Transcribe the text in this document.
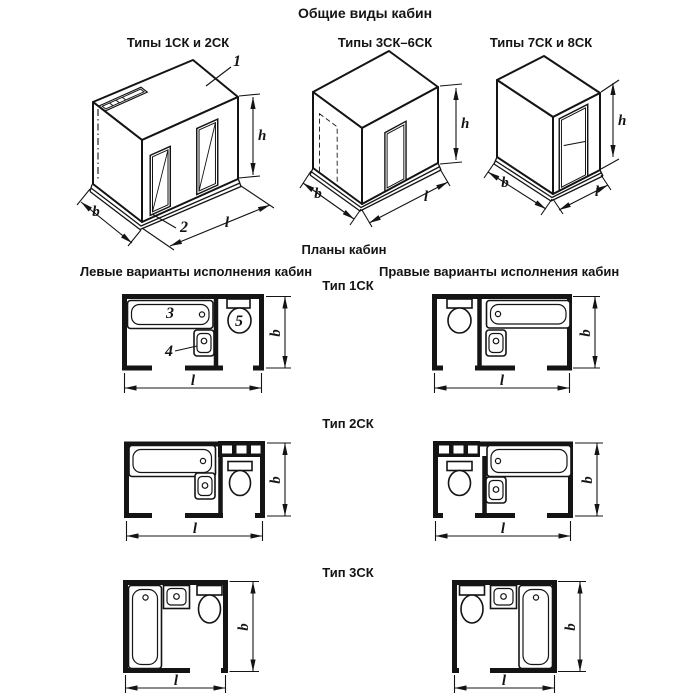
Общие виды кабин
Типы 1СК и 2СК	Типы 3СК–6СК	Типы 7СК и 8СК
Планы кабин
Левые варианты исполнения кабин	Правые варианты исполнения кабин
Тип 1СК
Тип 2СК
Тип 3СК
1
2
h
l
b
h
l
b
h
l
b
3
4
5
b
l
b
l
b
l
b
l
b
l
b
l
